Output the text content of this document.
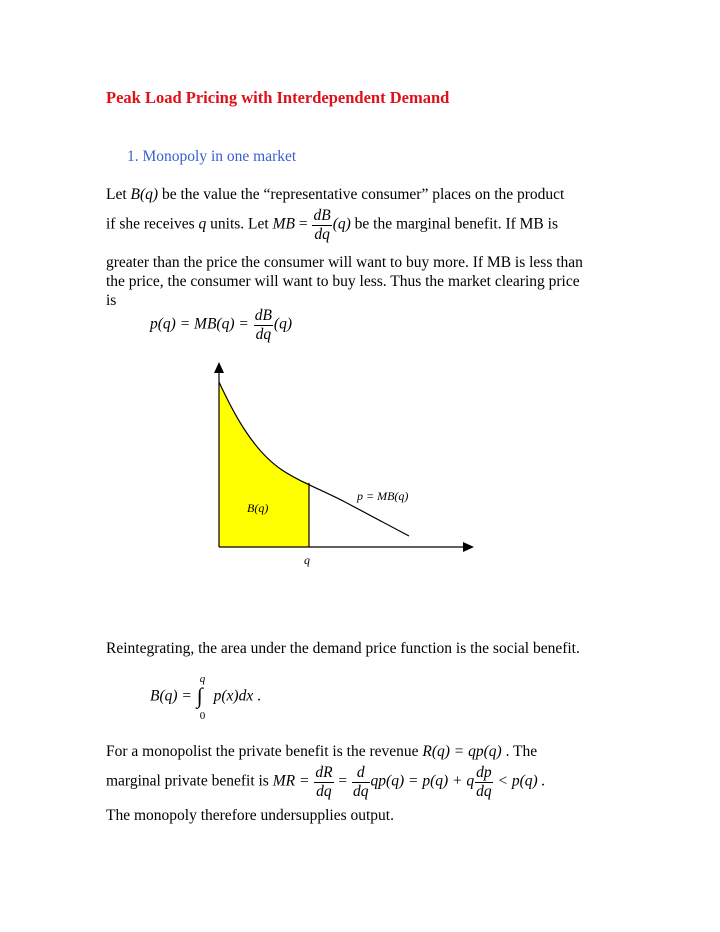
Peak Load Pricing with Interdependent Demand
1. Monopoly in one market
Let B(q) be the value the “representative consumer” places on the product
if she receives q units. Let MB = $\frac{dB}{dq} (q)$ be the marginal benefit. If MB is
greater than the price the consumer will want to buy more. If MB is less than
the price, the consumer will want to buy less. Thus the market clearing price
is
$p(q) = MB(q) = \frac{dB}{dq} (q)$
p = MB(q)
B(q)
q
Reintegrating, the area under the demand price function is the social benefit.
B(q) =
q
∫
0
p(x)dx .
For a monopolist the private benefit is the revenue R(q) = qp(q) . The
marginal private benefit is MR = $\frac{dR}{dq} = \frac{d}{dq} qp(q) = p(q) + q \frac{dp}{dq} < p(q)$ .
The monopoly therefore undersupplies output.
